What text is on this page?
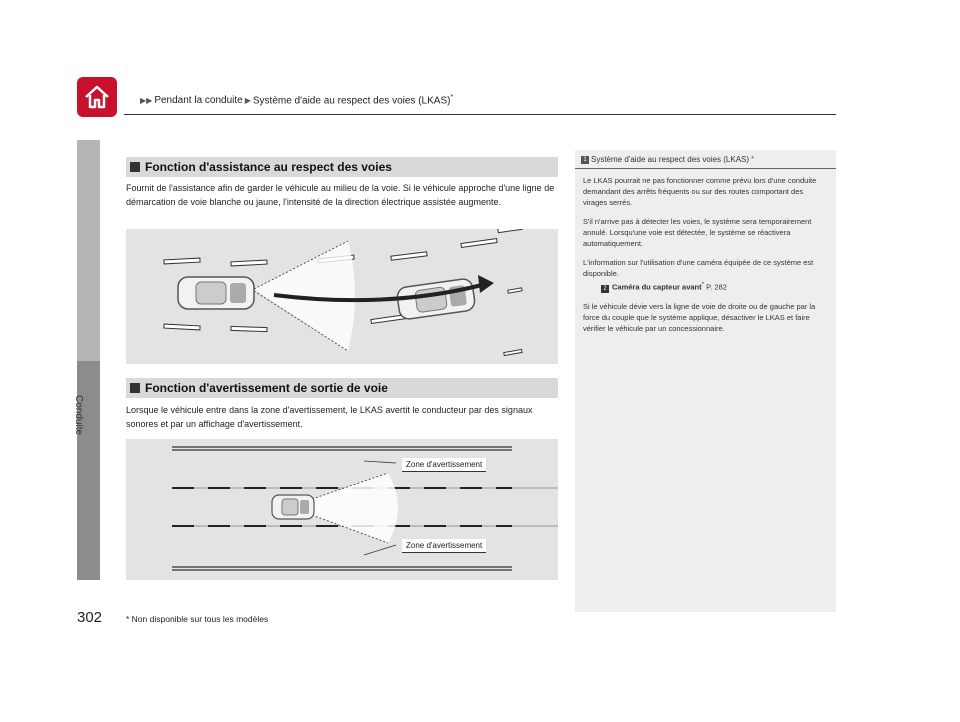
▶▶ Pendant la conduite ▶ Système d'aide au respect des voies (LKAS)*
Conduite
Fonction d'assistance au respect des voies
Fournit de l'assistance afin de garder le véhicule au milieu de la voie. Si le véhicule approche d'une ligne de démarcation de voie blanche ou jaune, l'intensité de la direction électrique assistée augmente.
Fonction d'avertissement de sortie de voie
Lorsque le véhicule entre dans la zone d'avertissement, le LKAS avertit le conducteur par des signaux sonores et par un affichage d'avertissement.
Zone d'avertissement
Zone d'avertissement
1 Système d'aide au respect des voies (LKAS) *

Le LKAS pourrait ne pas fonctionner comme prévu lors d'une conduite demandant des arrêts fréquents ou sur des routes comportant des virages serrés.

S'il n'arrive pas à détecter les voies, le système sera temporairement annulé. Lorsqu'une voie est détectée, le système se réactivera automatiquement.

L'information sur l'utilisation d'une caméra équipée de ce système est disponible.
2 Caméra du capteur avant* P. 282

Si le véhicule dévie vers la ligne de voie de droite ou de gauche par la force du couple que le système applique, désactiver le LKAS et faire vérifier le véhicule par un concessionnaire.

302	* Non disponible sur tous les modèles
